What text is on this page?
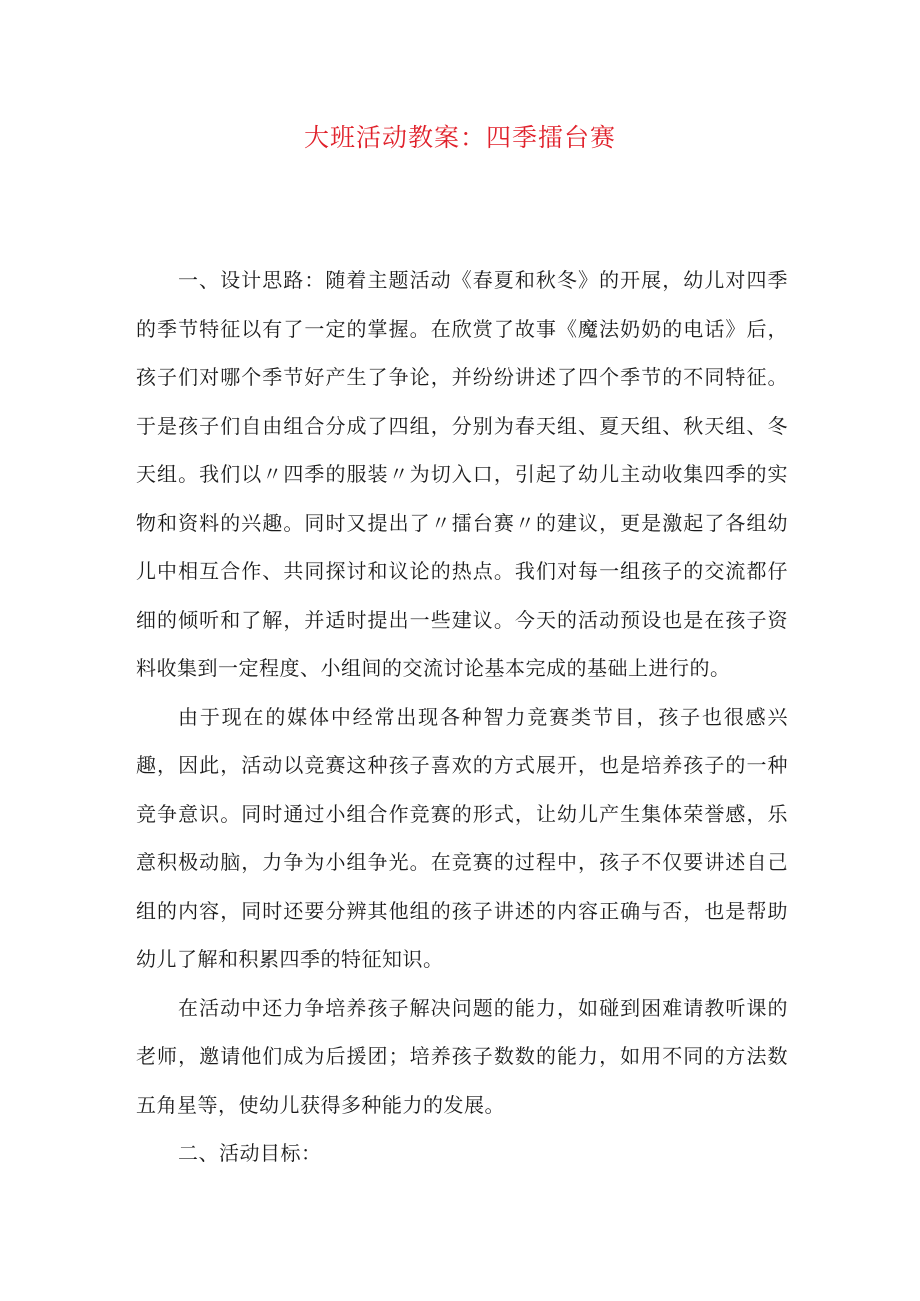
大班活动教案：四季擂台赛

一、设计思路：随着主题活动《春夏和秋冬》的开展，幼儿对四季的季节特征以有了一定的掌握。在欣赏了故事《魔法奶奶的电话》后，孩子们对哪个季节好产生了争论，并纷纷讲述了四个季节的不同特征。于是孩子们自由组合分成了四组，分别为春天组、夏天组、秋天组、冬天组。我们以〃四季的服装〃为切入口，引起了幼儿主动收集四季的实物和资料的兴趣。同时又提出了〃擂台赛〃的建议，更是激起了各组幼儿中相互合作、共同探讨和议论的热点。我们对每一组孩子的交流都仔细的倾听和了解，并适时提出一些建议。今天的活动预设也是在孩子资料收集到一定程度、小组间的交流讨论基本完成的基础上进行的。

由于现在的媒体中经常出现各种智力竞赛类节目，孩子也很感兴趣，因此，活动以竞赛这种孩子喜欢的方式展开，也是培养孩子的一种竞争意识。同时通过小组合作竞赛的形式，让幼儿产生集体荣誉感，乐意积极动脑，力争为小组争光。在竞赛的过程中，孩子不仅要讲述自己组的内容，同时还要分辨其他组的孩子讲述的内容正确与否，也是帮助幼儿了解和积累四季的特征知识。

在活动中还力争培养孩子解决问题的能力，如碰到困难请教听课的老师，邀请他们成为后援团；培养孩子数数的能力，如用不同的方法数五角星等，使幼儿获得多种能力的发展。

二、活动目标：
